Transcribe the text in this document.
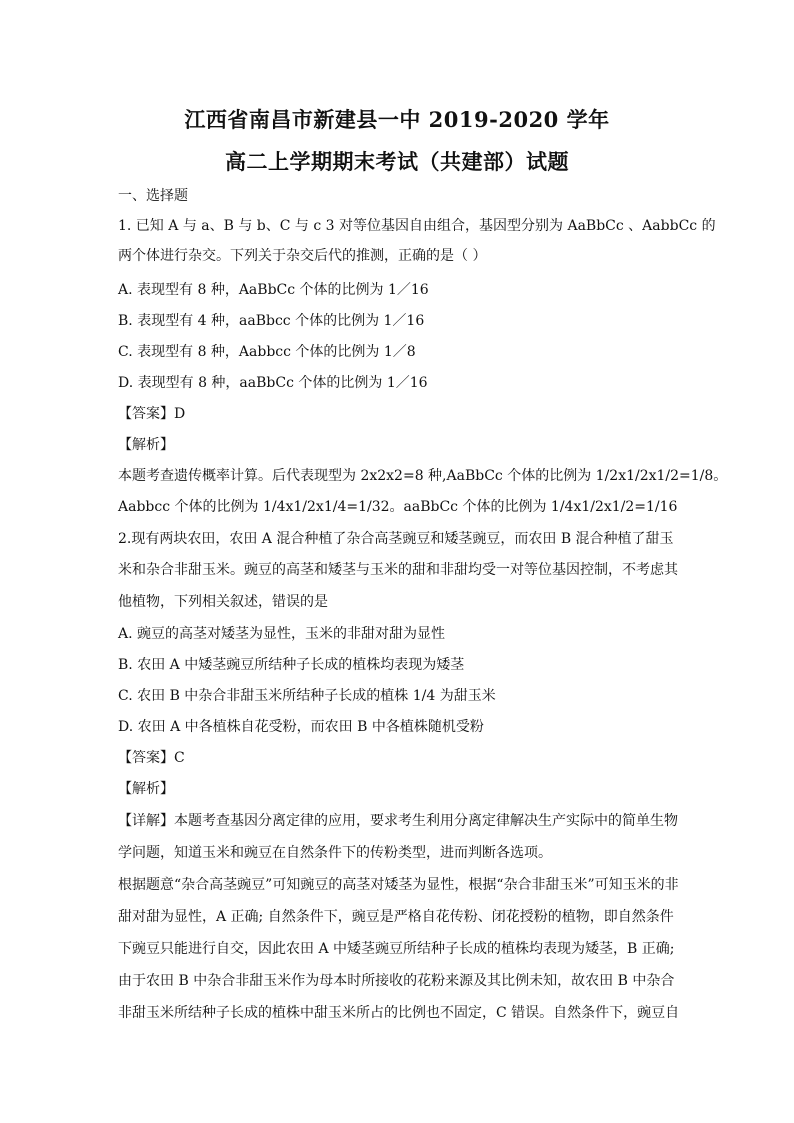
江西省南昌市新建县一中 2019-2020 学年
高二上学期期末考试（共建部）试题
一、选择题
1. 已知 A 与 a、B 与 b、C 与 c 3 对等位基因自由组合，基因型分别为 AaBbCc 、AabbCc 的
两个体进行杂交。下列关于杂交后代的推测，正确的是（ ）
A. 表现型有 8 种，AaBbCc 个体的比例为 1／16
B. 表现型有 4 种，aaBbcc 个体的比例为 1／16
C. 表现型有 8 种，Aabbcc 个体的比例为 1／8
D. 表现型有 8 种，aaBbCc 个体的比例为 1／16
【答案】D
【解析】
本题考查遗传概率计算。后代表现型为 2x2x2=8 种,AaBbCc 个体的比例为 1/2x1/2x1/2=1/8。
Aabbcc 个体的比例为 1/4x1/2x1/4=1/32。aaBbCc 个体的比例为 1/4x1/2x1/2=1/16
2.现有两块农田，农田 A 混合种植了杂合高茎豌豆和矮茎豌豆，而农田 B 混合种植了甜玉
米和杂合非甜玉米。豌豆的高茎和矮茎与玉米的甜和非甜均受一对等位基因控制，不考虑其
他植物，下列相关叙述，错误的是
A. 豌豆的高茎对矮茎为显性，玉米的非甜对甜为显性
B. 农田 A 中矮茎豌豆所结种子长成的植株均表现为矮茎
C. 农田 B 中杂合非甜玉米所结种子长成的植株 1/4 为甜玉米
D. 农田 A 中各植株自花受粉，而农田 B 中各植株随机受粉
【答案】C
【解析】
【详解】本题考查基因分离定律的应用，要求考生利用分离定律解决生产实际中的简单生物
学问题，知道玉米和豌豆在自然条件下的传粉类型，进而判断各选项。
根据题意“杂合高茎豌豆”可知豌豆的高茎对矮茎为显性，根据“杂合非甜玉米”可知玉米的非
甜对甜为显性，A 正确; 自然条件下，豌豆是严格自花传粉、闭花授粉的植物，即自然条件
下豌豆只能进行自交，因此农田 A 中矮茎豌豆所结种子长成的植株均表现为矮茎，B 正确;
由于农田 B 中杂合非甜玉米作为母本时所接收的花粉来源及其比例未知，故农田 B 中杂合
非甜玉米所结种子长成的植株中甜玉米所占的比例也不固定，C 错误。自然条件下，豌豆自
